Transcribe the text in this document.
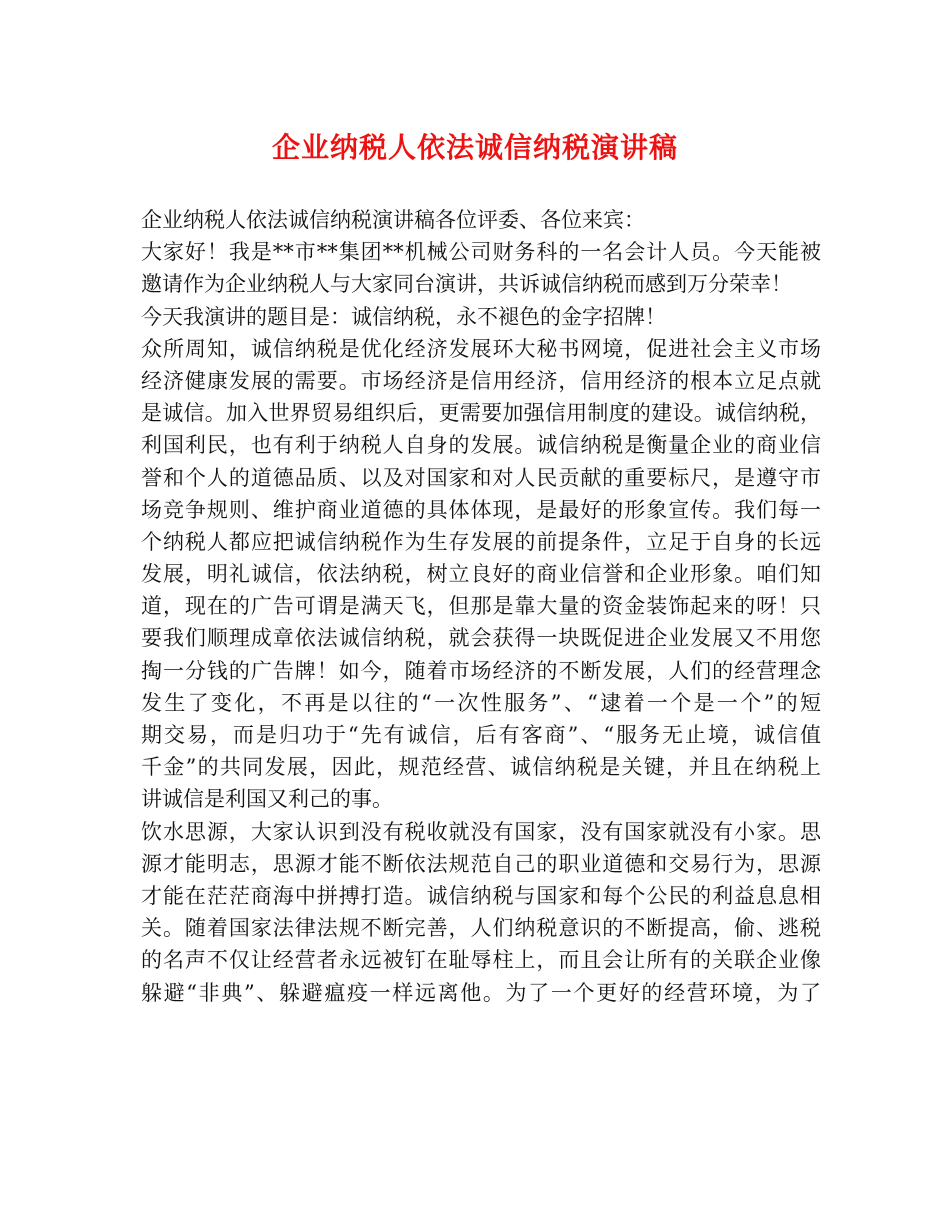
企业纳税人依法诚信纳税演讲稿
企业纳税人依法诚信纳税演讲稿各位评委、各位来宾：
大家好！我是**市**集团**机械公司财务科的一名会计人员。今天能被
邀请作为企业纳税人与大家同台演讲，共诉诚信纳税而感到万分荣幸！
今天我演讲的题目是：诚信纳税，永不褪色的金字招牌！
众所周知，诚信纳税是优化经济发展环大秘书网境，促进社会主义市场
经济健康发展的需要。市场经济是信用经济，信用经济的根本立足点就
是诚信。加入世界贸易组织后，更需要加强信用制度的建设。诚信纳税，
利国利民，也有利于纳税人自身的发展。诚信纳税是衡量企业的商业信
誉和个人的道德品质、以及对国家和对人民贡献的重要标尺，是遵守市
场竞争规则、维护商业道德的具体体现，是最好的形象宣传。我们每一
个纳税人都应把诚信纳税作为生存发展的前提条件，立足于自身的长远
发展，明礼诚信，依法纳税，树立良好的商业信誉和企业形象。咱们知
道，现在的广告可谓是满天飞，但那是靠大量的资金装饰起来的呀！只
要我们顺理成章依法诚信纳税，就会获得一块既促进企业发展又不用您
掏一分钱的广告牌！如今，随着市场经济的不断发展，人们的经营理念
发生了变化，不再是以往的“一次性服务”、“逮着一个是一个”的短
期交易，而是归功于“先有诚信，后有客商”、“服务无止境，诚信值
千金”的共同发展，因此，规范经营、诚信纳税是关键，并且在纳税上
讲诚信是利国又利己的事。
饮水思源，大家认识到没有税收就没有国家，没有国家就没有小家。思
源才能明志，思源才能不断依法规范自己的职业道德和交易行为，思源
才能在茫茫商海中拼搏打造。诚信纳税与国家和每个公民的利益息息相
关。随着国家法律法规不断完善，人们纳税意识的不断提高，偷、逃税
的名声不仅让经营者永远被钉在耻辱柱上，而且会让所有的关联企业像
躲避“非典”、躲避瘟疫一样远离他。为了一个更好的经营环境，为了
